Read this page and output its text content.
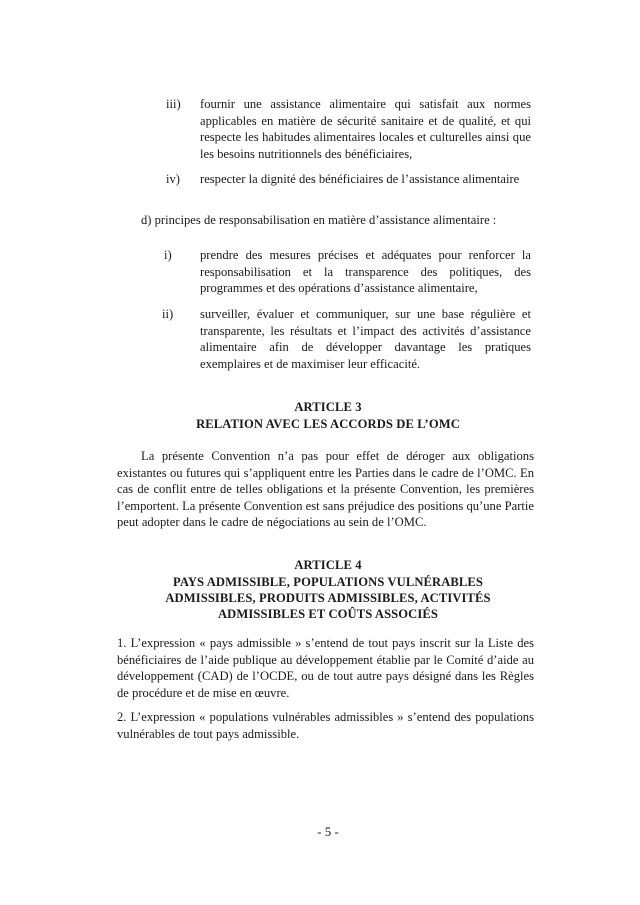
iii) fournir une assistance alimentaire qui satisfait aux normes applicables en matière de sécurité sanitaire et de qualité, et qui respecte les habitudes alimentaires locales et culturelles ainsi que les besoins nutritionnels des bénéficiaires,
iv) respecter la dignité des bénéficiaires de l’assistance alimentaire
d) principes de responsabilisation en matière d’assistance alimentaire :
i) prendre des mesures précises et adéquates pour renforcer la responsabilisation et la transparence des politiques, des programmes et des opérations d’assistance alimentaire,
ii) surveiller, évaluer et communiquer, sur une base régulière et transparente, les résultats et l’impact des activités d’assistance alimentaire afin de développer davantage les pratiques exemplaires et de maximiser leur efficacité.
ARTICLE 3
RELATION AVEC LES ACCORDS DE L’OMC
La présente Convention n’a pas pour effet de déroger aux obligations existantes ou futures qui s’appliquent entre les Parties dans le cadre de l’OMC. En cas de conflit entre de telles obligations et la présente Convention, les premières l’emportent. La présente Convention est sans préjudice des positions qu’une Partie peut adopter dans le cadre de négociations au sein de l’OMC.
ARTICLE 4
PAYS ADMISSIBLE, POPULATIONS VULNÉRABLES
ADMISSIBLES, PRODUITS ADMISSIBLES, ACTIVITÉS
ADMISSIBLES ET COÛTS ASSOCIÉS
1. L’expression « pays admissible » s’entend de tout pays inscrit sur la Liste des bénéficiaires de l’aide publique au développement établie par le Comité d’aide au développement (CAD) de l’OCDE, ou de tout autre pays désigné dans les Règles de procédure et de mise en œuvre.
2. L’expression « populations vulnérables admissibles » s’entend des populations vulnérables de tout pays admissible.
- 5 -
